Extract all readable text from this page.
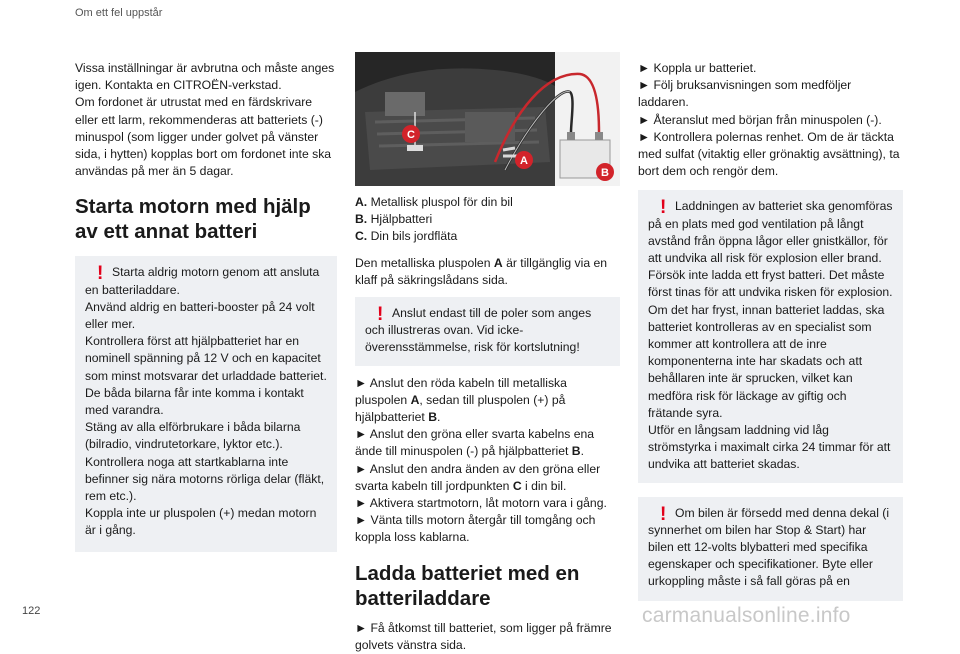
Om ett fel uppstår

Vissa inställningar är avbrutna och måste anges igen. Kontakta en CITROËN-verkstad.

Om fordonet är utrustat med en färdskrivare eller ett larm, rekommenderas att batteriets (-) minuspol (som ligger under golvet på vänster sida, i hytten) kopplas bort om fordonet inte ska användas på mer än 5 dagar.

Starta motorn med hjälp av ett annat batteri
! Starta aldrig motorn genom att ansluta en batteriladdare.

Använd aldrig en batteri-booster på 24 volt eller mer.

Kontrollera först att hjälpbatteriet har en nominell spänning på 12 V och en kapacitet som minst motsvarar det urladdade batteriet.

De båda bilarna får inte komma i kontakt med varandra.

Stäng av alla elförbrukare i båda bilarna (bilradio, vindrutetorkare, lyktor etc.).

Kontrollera noga att startkablarna inte befinner sig nära motorns rörliga delar (fläkt, rem etc.).

Koppla inte ur pluspolen (+) medan motorn är i gång.

C
A
B

A. Metallisk pluspol för din bil

B. Hjälpbatteri

C. Din bils jordfläta

Den metalliska pluspolen A är tillgänglig via en klaff på säkringslådans sida.

! Anslut endast till de poler som anges och illustreras ovan. Vid icke-överensstämmelse, risk för kortslutning!

► Anslut den röda kabeln till metalliska pluspolen A, sedan till pluspolen (+) på hjälpbatteriet B.

► Anslut den gröna eller svarta kabelns ena ände till minuspolen (-) på hjälpbatteriet B.

► Anslut den andra änden av den gröna eller svarta kabeln till jordpunkten C i din bil.

► Aktivera startmotorn, låt motorn vara i gång.

► Vänta tills motorn återgår till tomgång och koppla loss kablarna.

Ladda batteriet med en batteriladdare

► Få åtkomst till batteriet, som ligger på främre golvets vänstra sida.

► Koppla ur batteriet.

► Följ bruksanvisningen som medföljer laddaren.

► Återanslut med början från minuspolen (-).

► Kontrollera polernas renhet. Om de är täckta med sulfat (vitaktig eller grönaktig avsättning), ta bort dem och rengör dem.

! Laddningen av batteriet ska genomföras på en plats med god ventilation på långt avstånd från öppna lågor eller gnistkällor, för att undvika all risk för explosion eller brand.

Försök inte ladda ett fryst batteri. Det måste först tinas för att undvika risken för explosion. Om det har fryst, innan batteriet laddas, ska batteriet kontrolleras av en specialist som kommer att kontrollera att de inre komponenterna inte har skadats och att behållaren inte är sprucken, vilket kan medföra risk för läckage av giftig och frätande syra.

Utför en långsam laddning vid låg strömstyrka i maximalt cirka 24 timmar för att undvika att batteriet skadas.

! Om bilen är försedd med denna dekal (i synnerhet om bilen har Stop & Start) har bilen ett 12-volts blybatteri med specifika egenskaper och specifikationer. Byte eller urkoppling måste i så fall göras på en

122	carmanualsonline.info
